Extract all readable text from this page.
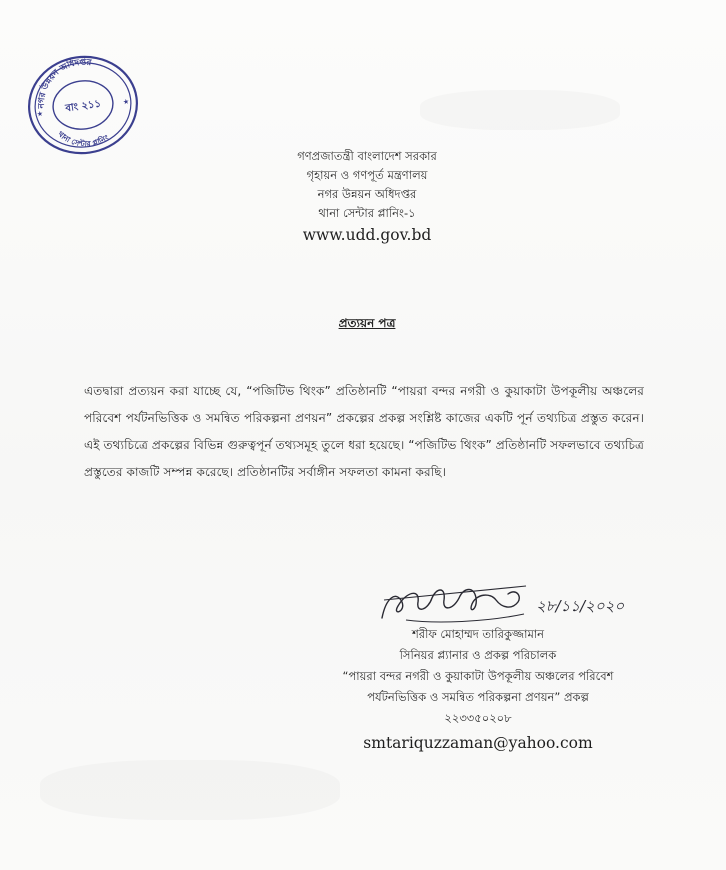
নগর উন্নয়ন অধিদপ্তর
থানা সেন্টার প্লানিং
বাং ২১১
★
★
গণপ্রজাতন্ত্রী বাংলাদেশ সরকার
গৃহায়ন ও গণপূর্ত মন্ত্রণালয়
নগর উন্নয়ন অধিদপ্তর
থানা সেন্টার প্লানিং-১
www.udd.gov.bd
প্রত্যয়ন পত্র
এতদ্বারা প্রত্যয়ন করা যাচ্ছে যে, “পজিটিভ থিংক” প্রতিষ্ঠানটি “পায়রা বন্দর নগরী ও কুয়াকাটা উপকূলীয় অঞ্চলের পরিবেশ পর্যটনভিত্তিক ও সমন্বিত পরিকল্পনা প্রণয়ন” প্রকল্পের প্রকল্প সংশ্লিষ্ট কাজের একটি পূর্ন তথ্যচিত্র প্রস্তুত করেন। এই তথ্যচিত্রে প্রকল্পের বিভিন্ন গুরুত্বপূর্ন তথ্যসমূহ তুলে ধরা হয়েছে। “পজিটিভ থিংক” প্রতিষ্ঠানটি সফলভাবে তথ্যচিত্র প্রস্তুতের কাজটি সম্পন্ন করেছে। প্রতিষ্ঠানটির সর্বাঙ্গীন সফলতা কামনা করছি।
২৮/১১/২০২০
শরীফ মোহাম্মদ তারিকুজ্জামান
সিনিয়র প্ল্যানার ও প্রকল্প পরিচালক
“পায়রা বন্দর নগরী ও কুয়াকাটা উপকূলীয় অঞ্চলের পরিবেশ
পর্যটনভিত্তিক ও সমন্বিত পরিকল্পনা প্রণয়ন” প্রকল্প
২২৩৩৫০২০৮
smtariquzzaman@yahoo.com
